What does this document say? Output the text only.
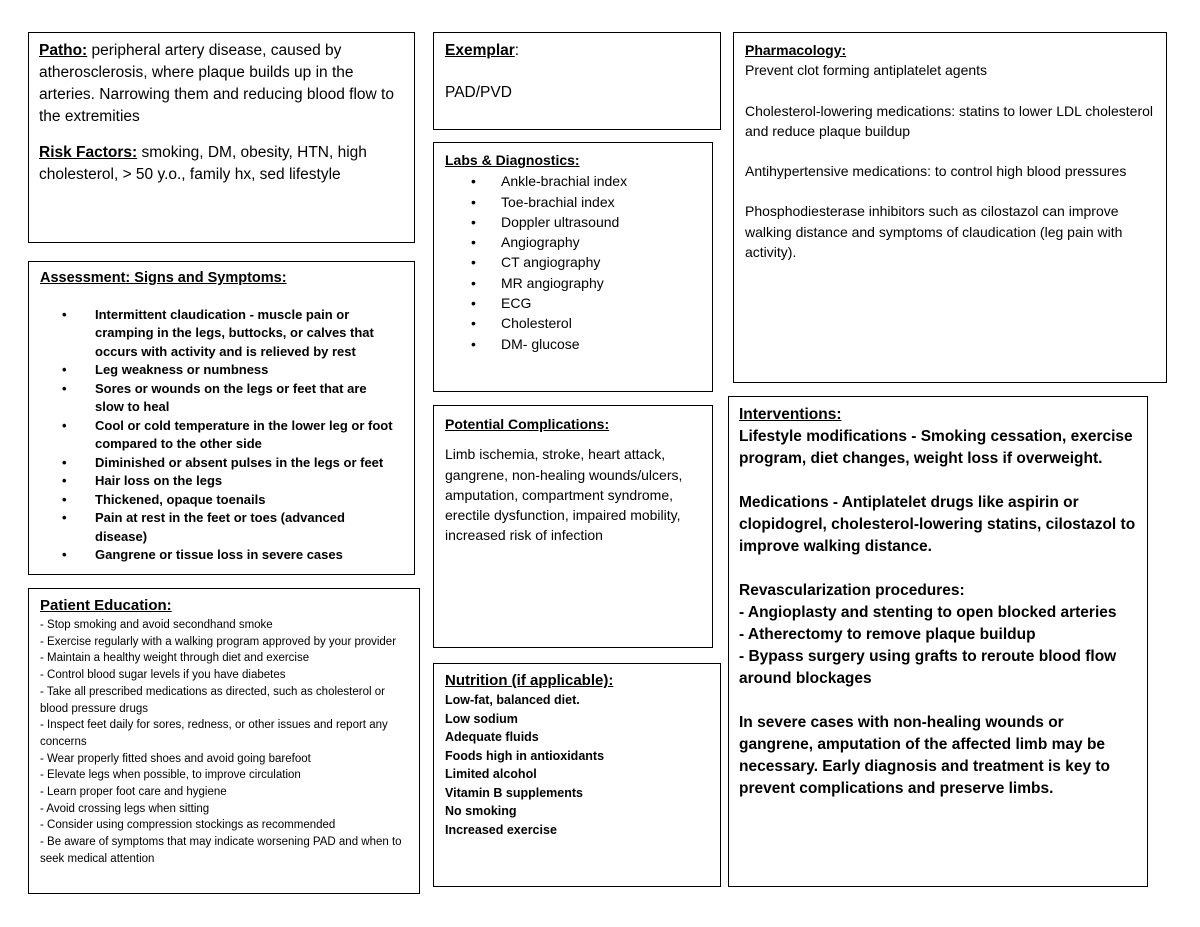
Patho: peripheral artery disease, caused by atherosclerosis, where plaque builds up in the arteries. Narrowing them and reducing blood flow to the extremities

Risk Factors: smoking, DM, obesity, HTN, high cholesterol, > 50 y.o., family hx, sed lifestyle

Exemplar:

PAD/PVD

Labs & Diagnostics:

• Ankle-brachial index
• Toe-brachial index
• Doppler ultrasound
• Angiography
• CT angiography
• MR angiography
• ECG
• Cholesterol
• DM- glucose

Pharmacology:

Prevent clot forming antiplatelet agents

Cholesterol-lowering medications: statins to lower LDL cholesterol and reduce plaque buildup

Antihypertensive medications: to control high blood pressures

Phosphodiesterase inhibitors such as cilostazol can improve walking distance and symptoms of claudication (leg pain with activity).

Assessment: Signs and Symptoms:

• Intermittent claudication - muscle pain or cramping in the legs, buttocks, or calves that occurs with activity and is relieved by rest
• Leg weakness or numbness
• Sores or wounds on the legs or feet that are slow to heal
• Cool or cold temperature in the lower leg or foot compared to the other side
• Diminished or absent pulses in the legs or feet
• Hair loss on the legs
• Thickened, opaque toenails
• Pain at rest in the feet or toes (advanced disease)
• Gangrene or tissue loss in severe cases

Potential Complications:

Limb ischemia, stroke, heart attack, gangrene, non-healing wounds/ulcers, amputation, compartment syndrome, erectile dysfunction, impaired mobility, increased risk of infection

Interventions:

Lifestyle modifications - Smoking cessation, exercise program, diet changes, weight loss if overweight.

Medications - Antiplatelet drugs like aspirin or clopidogrel, cholesterol-lowering statins, cilostazol to improve walking distance.

Revascularization procedures:

- Angioplasty and stenting to open blocked arteries

- Atherectomy to remove plaque buildup

- Bypass surgery using grafts to reroute blood flow around blockages

In severe cases with non-healing wounds or gangrene, amputation of the affected limb may be necessary. Early diagnosis and treatment is key to prevent complications and preserve limbs.

Patient Education:

- Stop smoking and avoid secondhand smoke

- Exercise regularly with a walking program approved by your provider

- Maintain a healthy weight through diet and exercise

- Control blood sugar levels if you have diabetes

- Take all prescribed medications as directed, such as cholesterol or blood pressure drugs

- Inspect feet daily for sores, redness, or other issues and report any concerns

- Wear properly fitted shoes and avoid going barefoot

- Elevate legs when possible, to improve circulation

- Learn proper foot care and hygiene

- Avoid crossing legs when sitting

- Consider using compression stockings as recommended

- Be aware of symptoms that may indicate worsening PAD and when to seek medical attention

Nutrition (if applicable):

Low-fat, balanced diet.

Low sodium

Adequate fluids

Foods high in antioxidants

Limited alcohol

Vitamin B supplements

No smoking

Increased exercise
